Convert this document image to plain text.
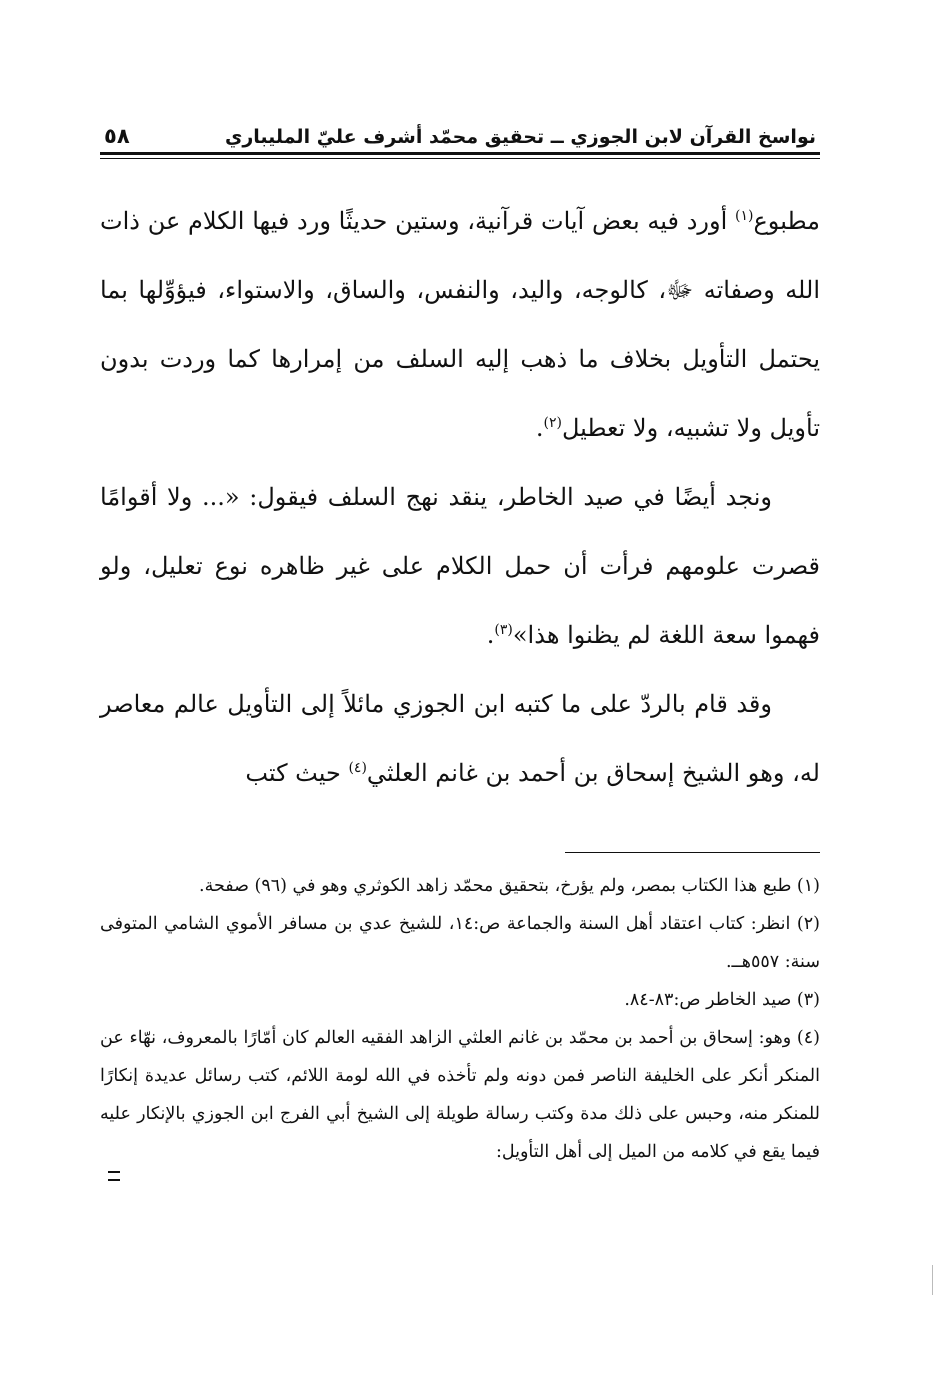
نواسخ القرآن لابن الجوزي ــ تحقيق محمّد أشرف عليّ المليباري
٥٨

مطبوع$^{(١)}$ أورد فيه بعض آيات قرآنية، وستين حديثًا ورد فيها الكلام عن ذات الله وصفاته ﷻ، كالوجه، واليد، والنفس، والساق، والاستواء، فيؤوِّلها بما يحتمل التأويل بخلاف ما ذهب إليه السلف من إمرارها كما وردت بدون تأويل ولا تشبيه، ولا تعطيل$^{(٢)}$.

ونجد أيضًا في صيد الخاطر، ينقد نهج السلف فيقول: «... ولا أقوامًا قصرت علومهم فرأت أن حمل الكلام على غير ظاهره نوع تعليل، ولو فهموا سعة اللغة لم يظنوا هذا»$^{(٣)}$.

وقد قام بالردّ على ما كتبه ابن الجوزي مائلاً إلى التأويل عالم معاصر له، وهو الشيخ إسحاق بن أحمد بن غانم العلثي$^{(٤)}$ حيث كتب

(١) طبع هذا الكتاب بمصر، ولم يؤرخ، بتحقيق محمّد زاهد الكوثري وهو في (٩٦) صفحة.

(٢) انظر: كتاب اعتقاد أهل السنة والجماعة ص:١٤، للشيخ عدي بن مسافر الأموي الشامي المتوفى سنة: ٥٥٧هــ.

(٣) صيد الخاطر ص:٨٣-٨٤.

(٤) وهو: إسحاق بن أحمد بن محمّد بن غانم العلثي الزاهد الفقيه العالم كان أمّارًا بالمعروف، نهّاء عن المنكر أنكر على الخليفة الناصر فمن دونه ولم تأخذه في الله لومة اللائم، كتب رسائل عديدة إنكارًا للمنكر منه، وحبس على ذلك مدة وكتب رسالة طويلة إلى الشيخ أبي الفرج ابن الجوزي بالإنكار عليه فيما يقع في كلامه من الميل إلى أهل التأويل:
